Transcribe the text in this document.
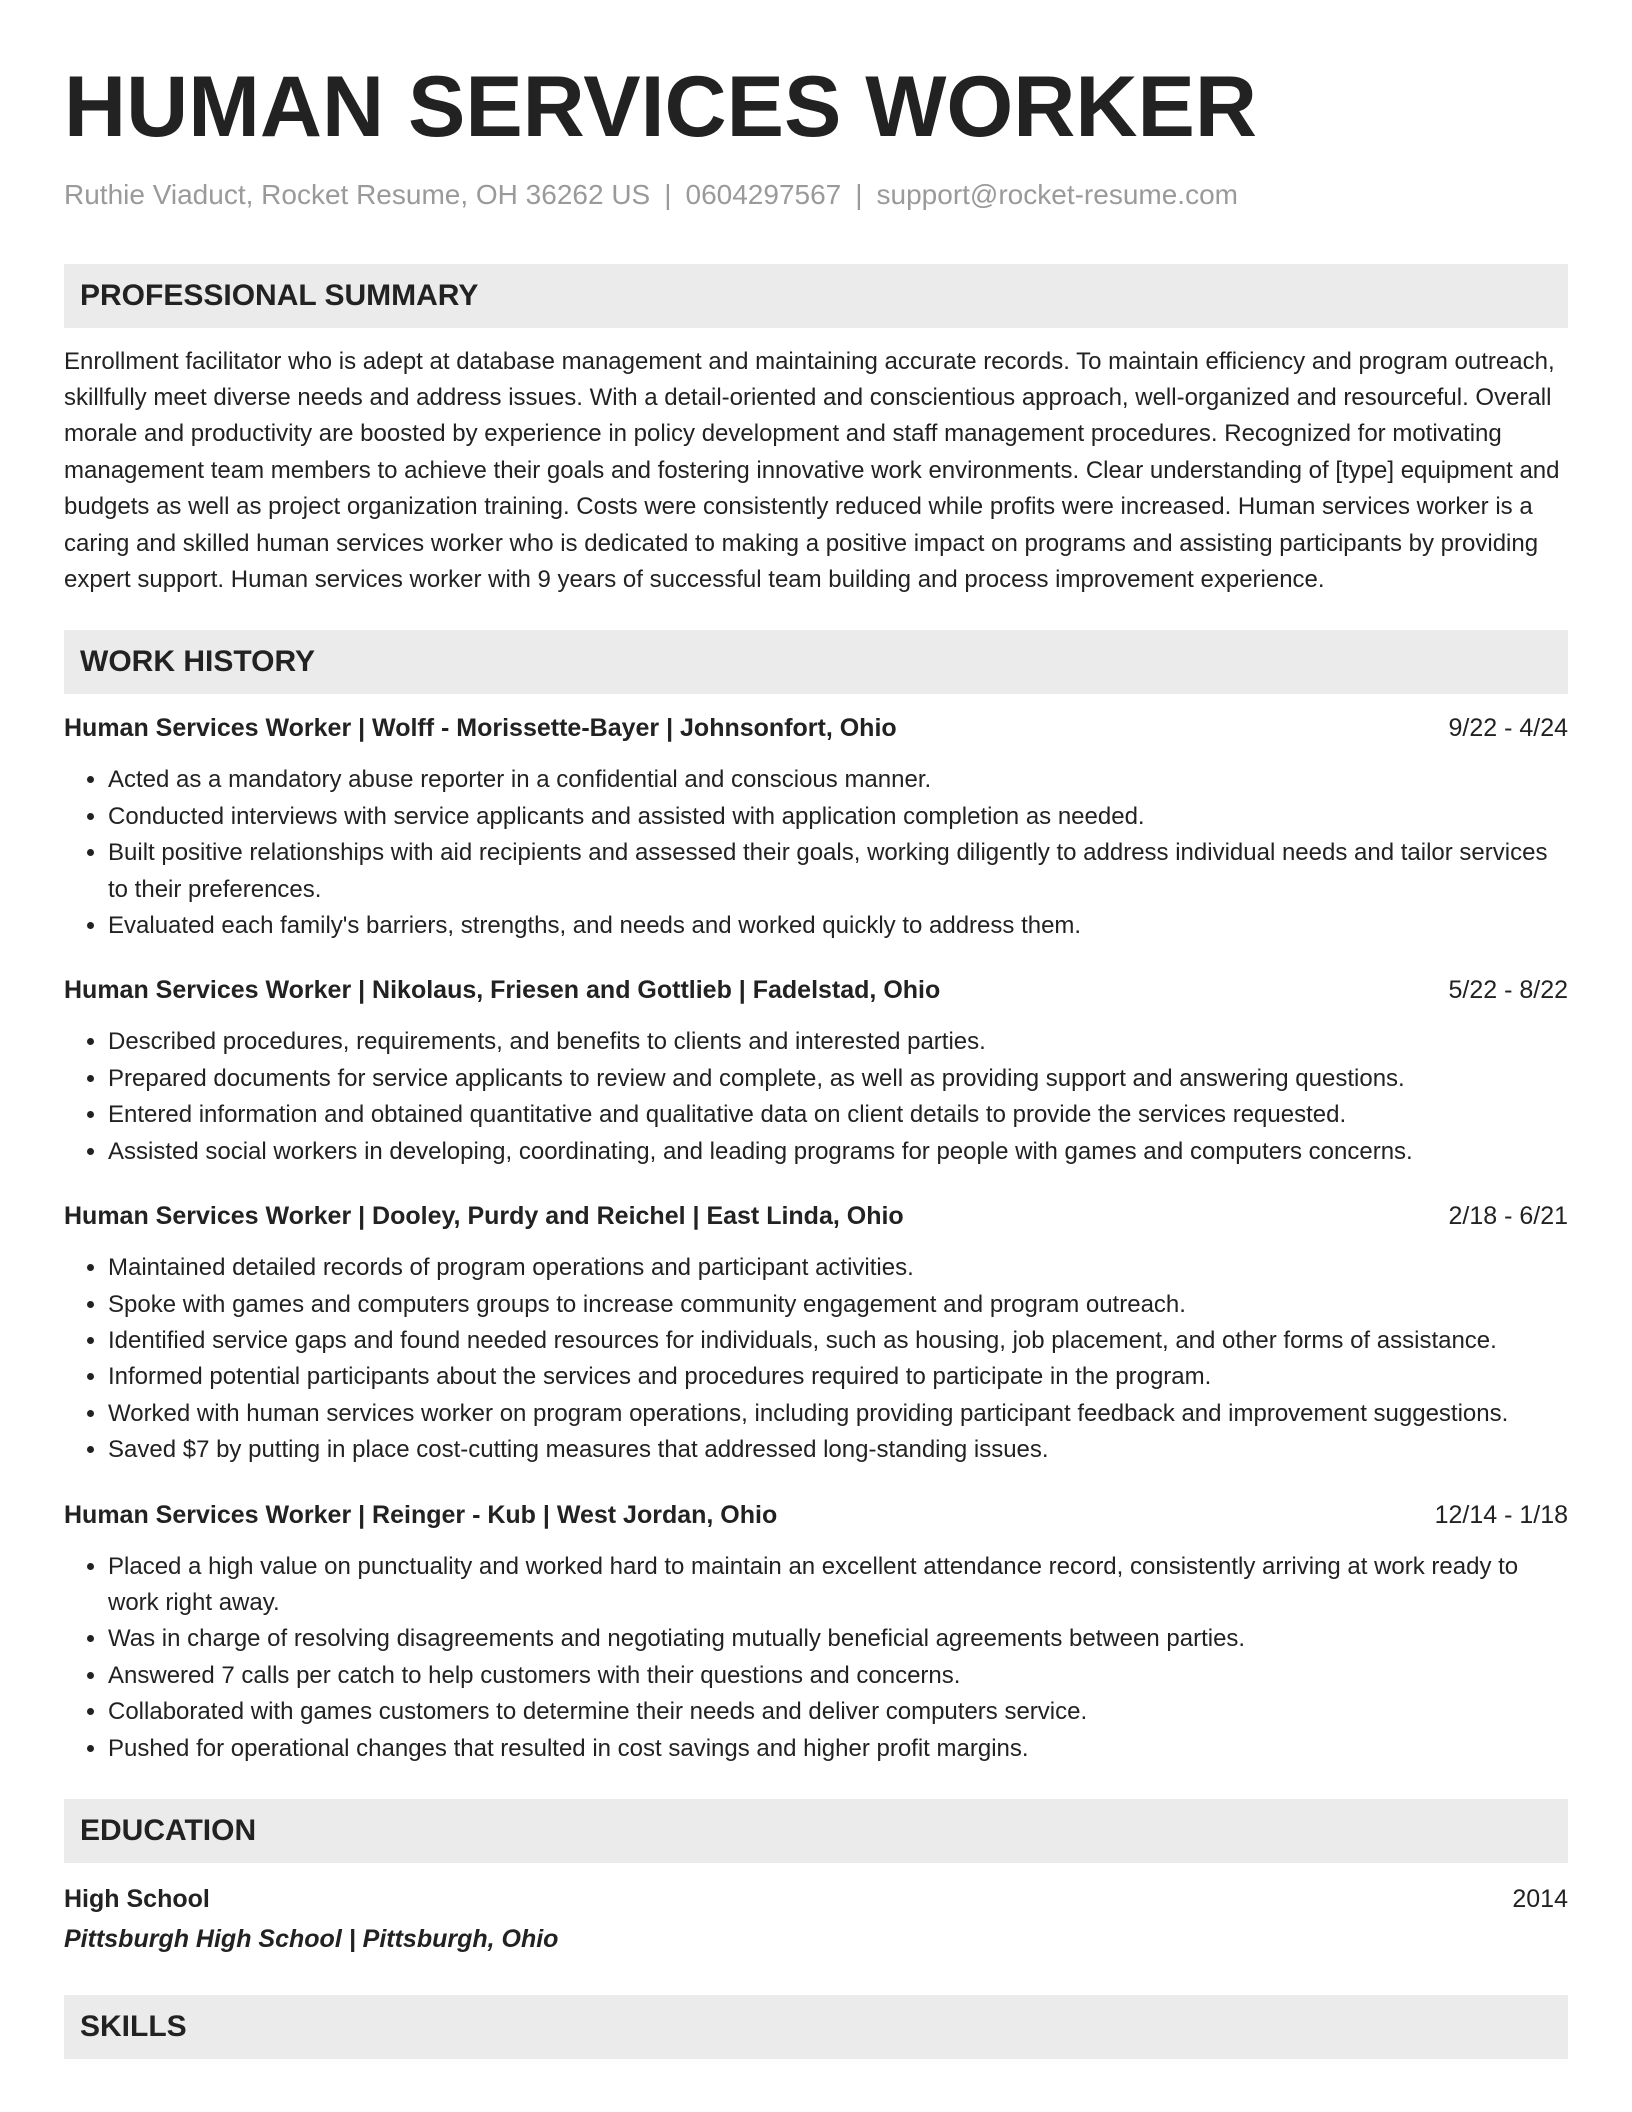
HUMAN SERVICES WORKER
Ruthie Viaduct, Rocket Resume, OH 36262 US | 0604297567 | support@rocket-resume.com
PROFESSIONAL SUMMARY
Enrollment facilitator who is adept at database management and maintaining accurate records. To maintain efficiency and program outreach, skillfully meet diverse needs and address issues. With a detail-oriented and conscientious approach, well-organized and resourceful. Overall morale and productivity are boosted by experience in policy development and staff management procedures. Recognized for motivating management team members to achieve their goals and fostering innovative work environments. Clear understanding of [type] equipment and budgets as well as project organization training. Costs were consistently reduced while profits were increased. Human services worker is a caring and skilled human services worker who is dedicated to making a positive impact on programs and assisting participants by providing expert support. Human services worker with 9 years of successful team building and process improvement experience.
WORK HISTORY
Human Services Worker | Wolff - Morissette-Bayer | Johnsonfort, Ohio	9/22 - 4/24
• Acted as a mandatory abuse reporter in a confidential and conscious manner.
• Conducted interviews with service applicants and assisted with application completion as needed.
• Built positive relationships with aid recipients and assessed their goals, working diligently to address individual needs and tailor services to their preferences.
• Evaluated each family's barriers, strengths, and needs and worked quickly to address them.
Human Services Worker | Nikolaus, Friesen and Gottlieb | Fadelstad, Ohio	5/22 - 8/22
• Described procedures, requirements, and benefits to clients and interested parties.
• Prepared documents for service applicants to review and complete, as well as providing support and answering questions.
• Entered information and obtained quantitative and qualitative data on client details to provide the services requested.
• Assisted social workers in developing, coordinating, and leading programs for people with games and computers concerns.
Human Services Worker | Dooley, Purdy and Reichel | East Linda, Ohio	2/18 - 6/21
• Maintained detailed records of program operations and participant activities.
• Spoke with games and computers groups to increase community engagement and program outreach.
• Identified service gaps and found needed resources for individuals, such as housing, job placement, and other forms of assistance.
• Informed potential participants about the services and procedures required to participate in the program.
• Worked with human services worker on program operations, including providing participant feedback and improvement suggestions.
• Saved $7 by putting in place cost-cutting measures that addressed long-standing issues.
Human Services Worker | Reinger - Kub | West Jordan, Ohio	12/14 - 1/18
• Placed a high value on punctuality and worked hard to maintain an excellent attendance record, consistently arriving at work ready to work right away.
• Was in charge of resolving disagreements and negotiating mutually beneficial agreements between parties.
• Answered 7 calls per catch to help customers with their questions and concerns.
• Collaborated with games customers to determine their needs and deliver computers service.
• Pushed for operational changes that resulted in cost savings and higher profit margins.
EDUCATION
High School	2014
Pittsburgh High School | Pittsburgh, Ohio
SKILLS
